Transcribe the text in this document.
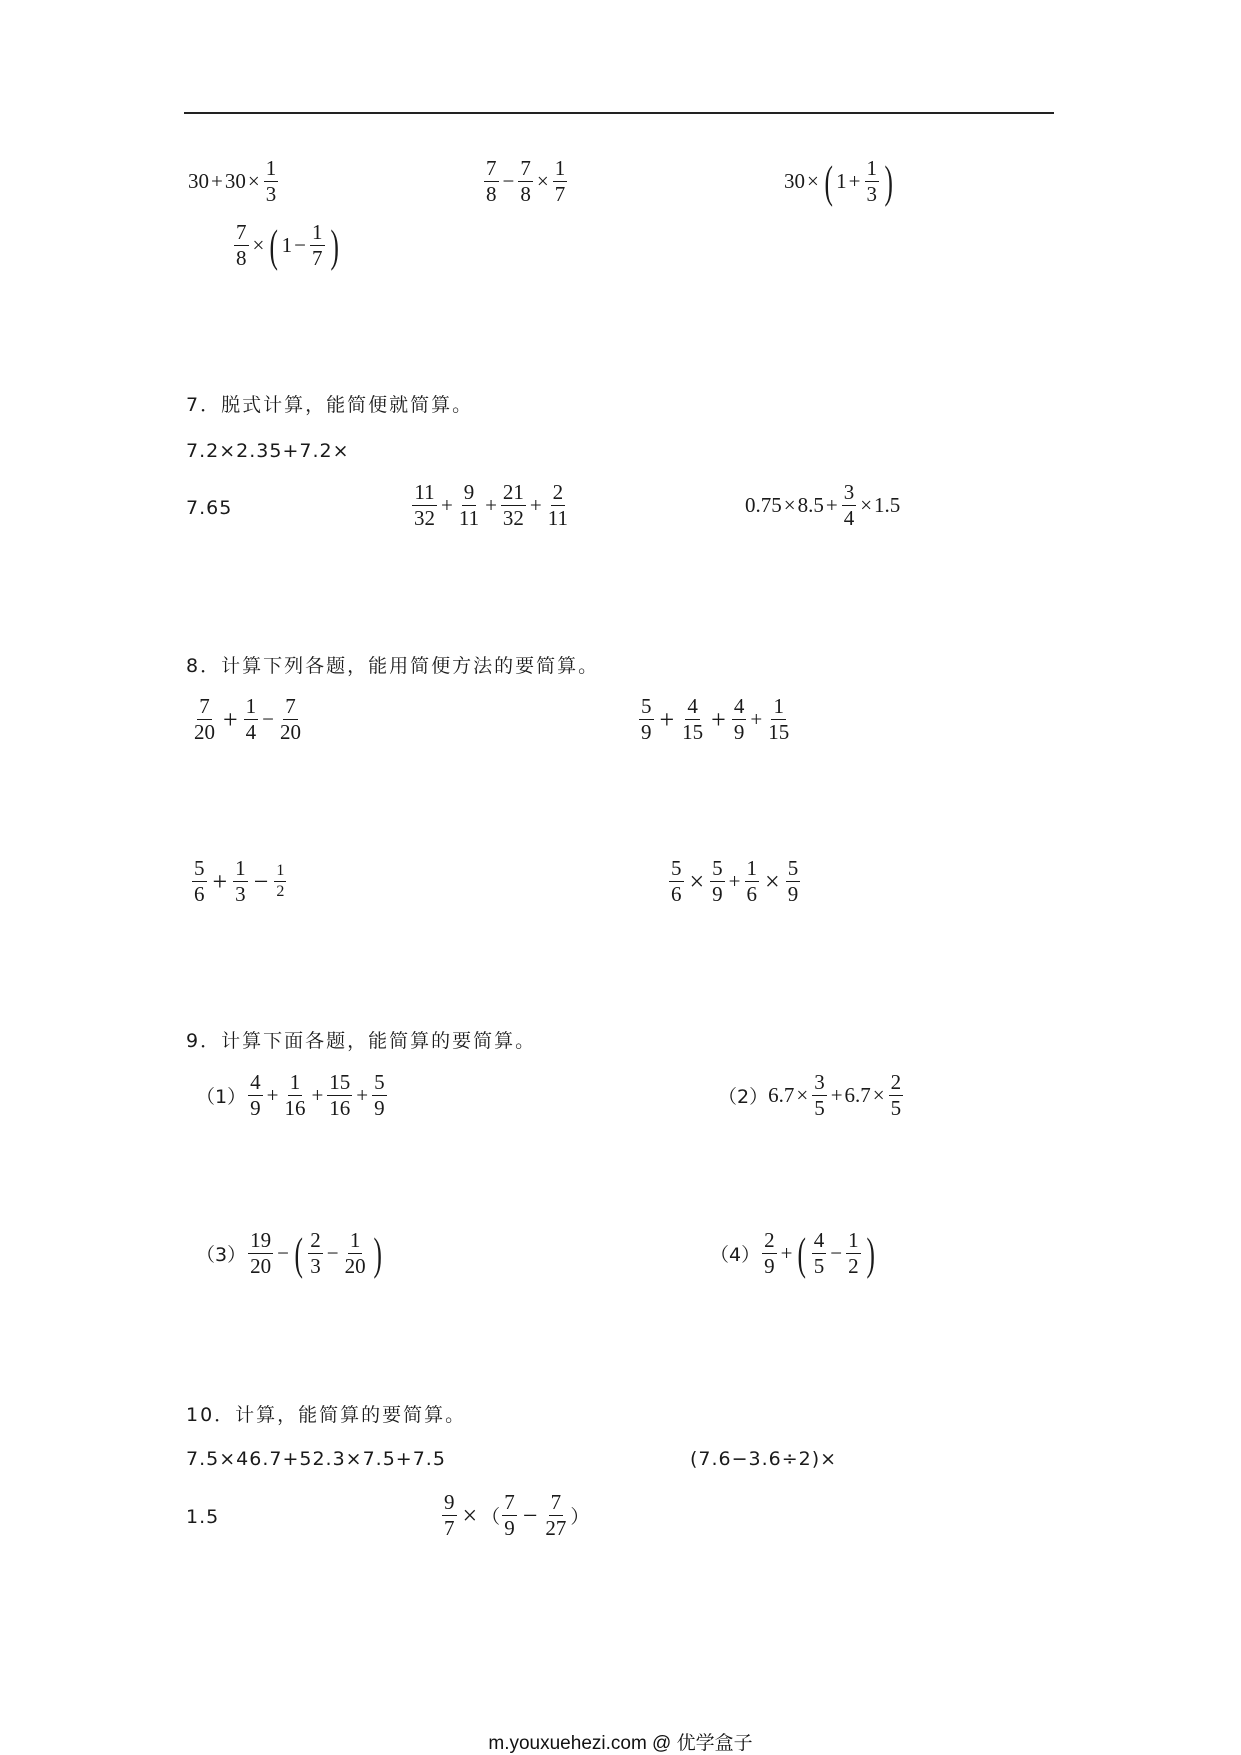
$30 + 30 \times \frac{1}{3}$	$\frac{7}{8} - \frac{7}{8} \times \frac{1}{7}$	30 × ( $1 + \frac{1}{3}$ )
$\frac{7}{8}$ × ( $1 - \frac{1}{7}$ )
7．脱式计算，能简便就简算。
7.2×2.35+7.2×
7.65	$\frac{11}{32} + \frac{9}{11} + \frac{21}{32} + \frac{2}{11}$	$0.75 \times 8.5 + \frac{3}{4} \times 1.5$
8．计算下列各题，能用简便方法的要简算。
$\frac{7}{20} + \frac{1}{4} - \frac{7}{20}$	$\frac{5}{9} + \frac{4}{15} + \frac{4}{9} + \frac{1}{15}$
$\frac{5}{6} + \frac{1}{3} - \frac{1}{2}$	$\frac{5}{6} \times \frac{5}{9} + \frac{1}{6} \times \frac{5}{9}$
9．计算下面各题，能简算的要简算。
$(1) \frac{4}{9} + \frac{1}{16} + \frac{15}{16} + \frac{5}{9}$	（2） $6.7 \times \frac{3}{5} + 6.7 \times \frac{2}{5}$
$(3) \frac{19}{20}$ − ( $\frac{2}{3} - \frac{1}{20}$ )	$(4) \frac{2}{9}$ + ( $\frac{4}{5} - \frac{1}{2}$ )
10．计算，能简算的要简算。
7.5×46.7+52.3×7.5+7.5	(7.6−3.6÷2)×
1.5	$\frac{9}{7}$ × （ $\frac{7}{9} - \frac{7}{27}$ ）
m.youxuehezi.com @ 优学盒子
